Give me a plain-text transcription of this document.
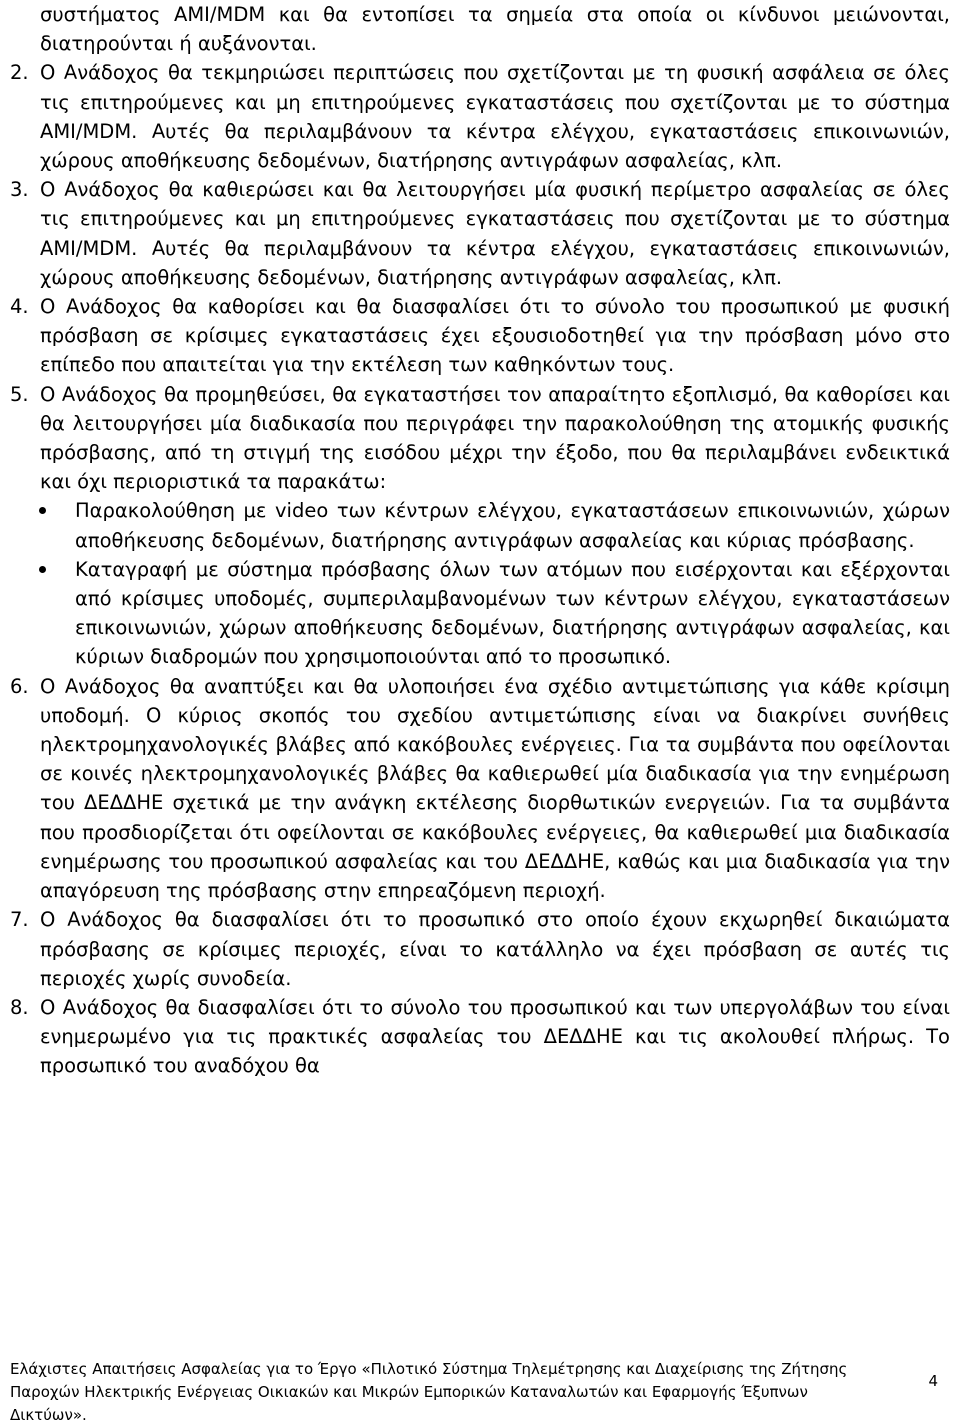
συστήματος AMI/MDM και θα εντοπίσει τα σημεία στα οποία οι κίνδυνοι μειώνονται, διατηρούνται ή αυξάνονται.

2. Ο Ανάδοχος θα τεκμηριώσει περιπτώσεις που σχετίζονται με τη φυσική ασφάλεια σε όλες τις επιτηρούμενες και μη επιτηρούμενες εγκαταστάσεις που σχετίζονται με το σύστημα AMI/MDM. Αυτές θα περιλαμβάνουν τα κέντρα ελέγχου, εγκαταστάσεις επικοινωνιών, χώρους αποθήκευσης δεδομένων, διατήρησης αντιγράφων ασφαλείας, κλπ.
3. Ο Ανάδοχος θα καθιερώσει και θα λειτουργήσει μία φυσική περίμετρο ασφαλείας σε όλες τις επιτηρούμενες και μη επιτηρούμενες εγκαταστάσεις που σχετίζονται με το σύστημα AMI/MDM. Αυτές θα περιλαμβάνουν τα κέντρα ελέγχου, εγκαταστάσεις επικοινωνιών, χώρους αποθήκευσης δεδομένων, διατήρησης αντιγράφων ασφαλείας, κλπ.
4. Ο Ανάδοχος θα καθορίσει και θα διασφαλίσει ότι το σύνολο του προσωπικού με φυσική πρόσβαση σε κρίσιμες εγκαταστάσεις έχει εξουσιοδοτηθεί για την πρόσβαση μόνο στο επίπεδο που απαιτείται για την εκτέλεση των καθηκόντων τους.
5. Ο Ανάδοχος θα προμηθεύσει, θα εγκαταστήσει τον απαραίτητο εξοπλισμό, θα καθορίσει και θα λειτουργήσει μία διαδικασία που περιγράφει την παρακολούθηση της ατομικής φυσικής πρόσβασης, από τη στιγμή της εισόδου μέχρι την έξοδο, που θα περιλαμβάνει ενδεικτικά και όχι περιοριστικά τα παρακάτω:

Παρακολούθηση με video των κέντρων ελέγχου, εγκαταστάσεων επικοινωνιών, χώρων αποθήκευσης δεδομένων, διατήρησης αντιγράφων ασφαλείας και κύριας πρόσβασης.
Καταγραφή με σύστημα πρόσβασης όλων των ατόμων που εισέρχονται και εξέρχονται από κρίσιμες υποδομές, συμπεριλαμβανομένων των κέντρων ελέγχου, εγκαταστάσεων επικοινωνιών, χώρων αποθήκευσης δεδομένων, διατήρησης αντιγράφων ασφαλείας, και κύριων διαδρομών που χρησιμοποιούνται από το προσωπικό.
6. Ο Ανάδοχος θα αναπτύξει και θα υλοποιήσει ένα σχέδιο αντιμετώπισης για κάθε κρίσιμη υποδομή. Ο κύριος σκοπός του σχεδίου αντιμετώπισης είναι να διακρίνει συνήθεις ηλεκτρομηχανολογικές βλάβες από κακόβουλες ενέργειες. Για τα συμβάντα που οφείλονται σε κοινές ηλεκτρομηχανολογικές βλάβες θα καθιερωθεί μία διαδικασία για την ενημέρωση του ΔΕΔΔΗΕ σχετικά με την ανάγκη εκτέλεσης διορθωτικών ενεργειών. Για τα συμβάντα που προσδιορίζεται ότι οφείλονται σε κακόβουλες ενέργειες, θα καθιερωθεί μια διαδικασία ενημέρωσης του προσωπικού ασφαλείας και του ΔΕΔΔΗΕ, καθώς και μια διαδικασία για την απαγόρευση της πρόσβασης στην επηρεαζόμενη περιοχή.
7. Ο Ανάδοχος θα διασφαλίσει ότι το προσωπικό στο οποίο έχουν εκχωρηθεί δικαιώματα πρόσβασης σε κρίσιμες περιοχές, είναι το κατάλληλο να έχει πρόσβαση σε αυτές τις περιοχές χωρίς συνοδεία.
8. Ο Ανάδοχος θα διασφαλίσει ότι το σύνολο του προσωπικού και των υπεργολάβων του είναι ενημερωμένο για τις πρακτικές ασφαλείας του ΔΕΔΔΗΕ και τις ακολουθεί πλήρως. Το προσωπικό του αναδόχου θα
Ελάχιστες Απαιτήσεις Ασφαλείας για το Έργο «Πιλοτικό Σύστημα Τηλεμέτρησης και Διαχείρισης της Ζήτησης Παροχών Ηλεκτρικής Ενέργειας Οικιακών και Μικρών Εμπορικών Καταναλωτών και Εφαρμογής Έξυπνων Δικτύων».
4
